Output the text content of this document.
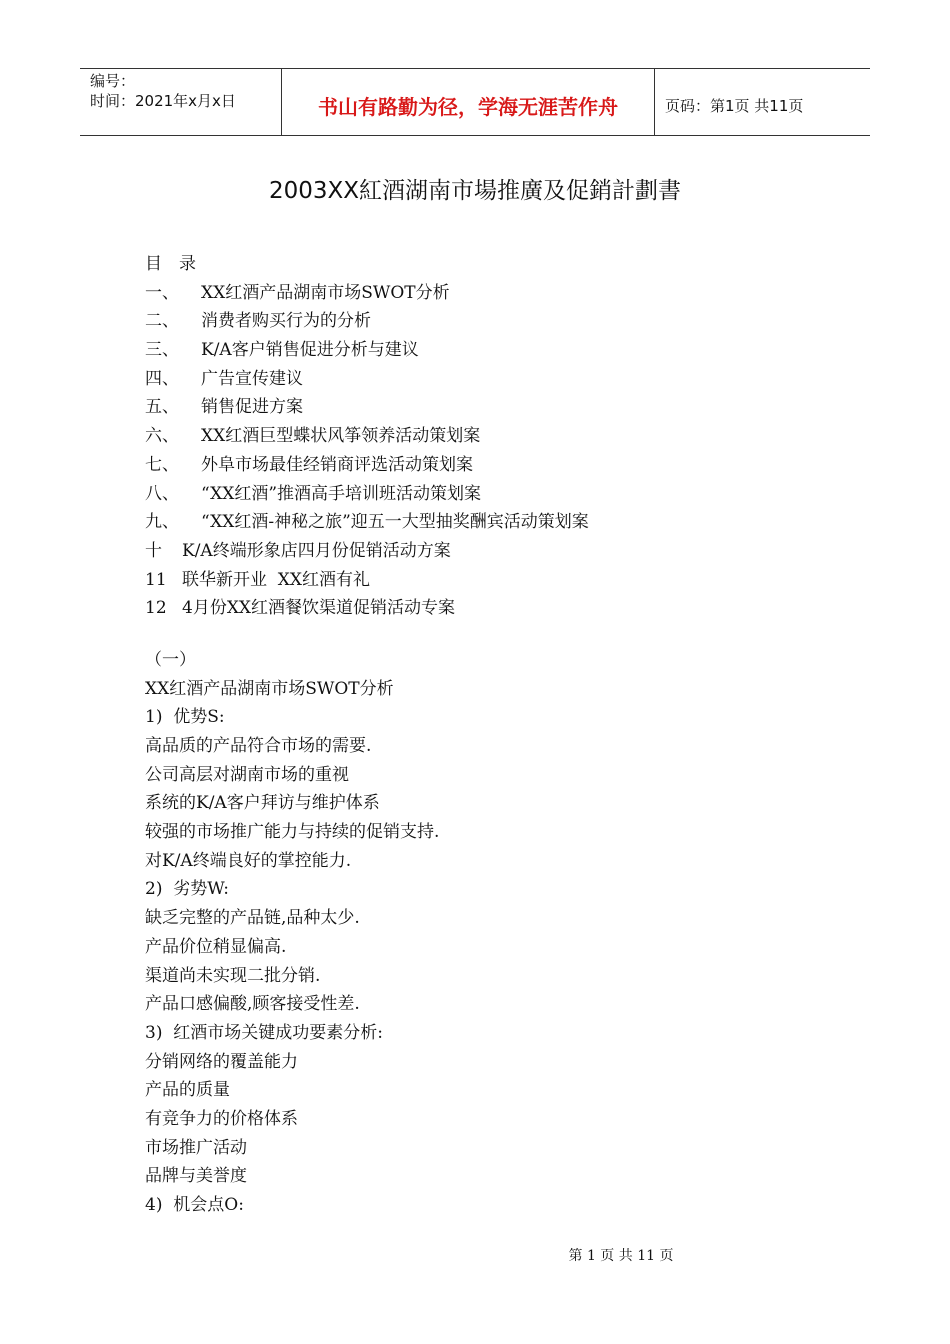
编号：
时间：2021年x月x日	书山有路勤为径，学海无涯苦作舟	页码：第1页 共11页
2003XX紅酒湖南市場推廣及促銷計劃書
目　录
一、	XX红酒产品湖南市场SWOT分析
二、	消费者购买行为的分析
三、	K/A客户销售促进分析与建议
四、	广告宣传建议
五、	销售促进方案
六、	XX红酒巨型蝶状风筝领养活动策划案
七、	外阜市场最佳经销商评选活动策划案
八、	“XX红酒”推酒高手培训班活动策划案
九、	“XX红酒-神秘之旅”迎五一大型抽奖酬宾活动策划案
十	K/A终端形象店四月份促销活动方案
11 联华新开业  XX红酒有礼
12 4月份XX红酒餐饮渠道促销活动专案
（一）
XX红酒产品湖南市场SWOT分析
1)  优势S:
高品质的产品符合市场的需要.
公司高层对湖南市场的重视
系统的K/A客户拜访与维护体系
较强的市场推广能力与持续的促销支持.
对K/A终端良好的掌控能力.
2)  劣势W:
缺乏完整的产品链,品种太少.
产品价位稍显偏高.
渠道尚未实现二批分销.
产品口感偏酸,顾客接受性差.
3)  红酒市场关键成功要素分析:
分销网络的覆盖能力
产品的质量
有竞争力的价格体系
市场推广活动
品牌与美誉度
4)  机会点O:
第 1 页 共 11 页
